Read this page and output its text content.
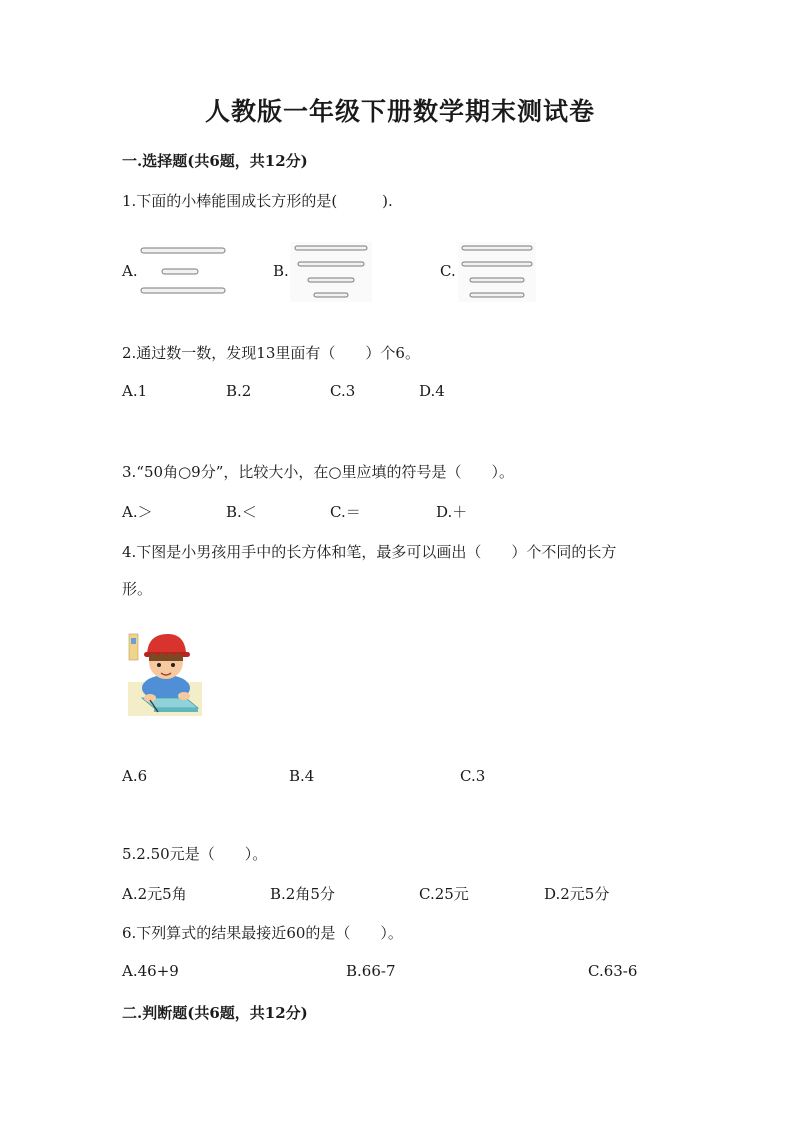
人教版一年级下册数学期末测试卷
一.选择题(共6题，共12分)
1.下面的小棒能围成长方形的是(　　　).
A.	B.	C.
2.通过数一数，发现13里面有（　　）个6。
A.1	B.2	C.3	D.4
3.“50角○9分”，比较大小，在○里应填的符号是（　　）。
A.＞	B.＜	C.＝	D.＋
4.下图是小男孩用手中的长方体和笔，最多可以画出（　　）个不同的长方
形。
A.6	B.4	C.3
5.2.50元是（　　）。
A.2元5角	B.2角5分	C.25元	D.2元5分
6.下列算式的结果最接近60的是（　　）。
A.46+9	B.66-7	C.63-6
二.判断题(共6题，共12分)
